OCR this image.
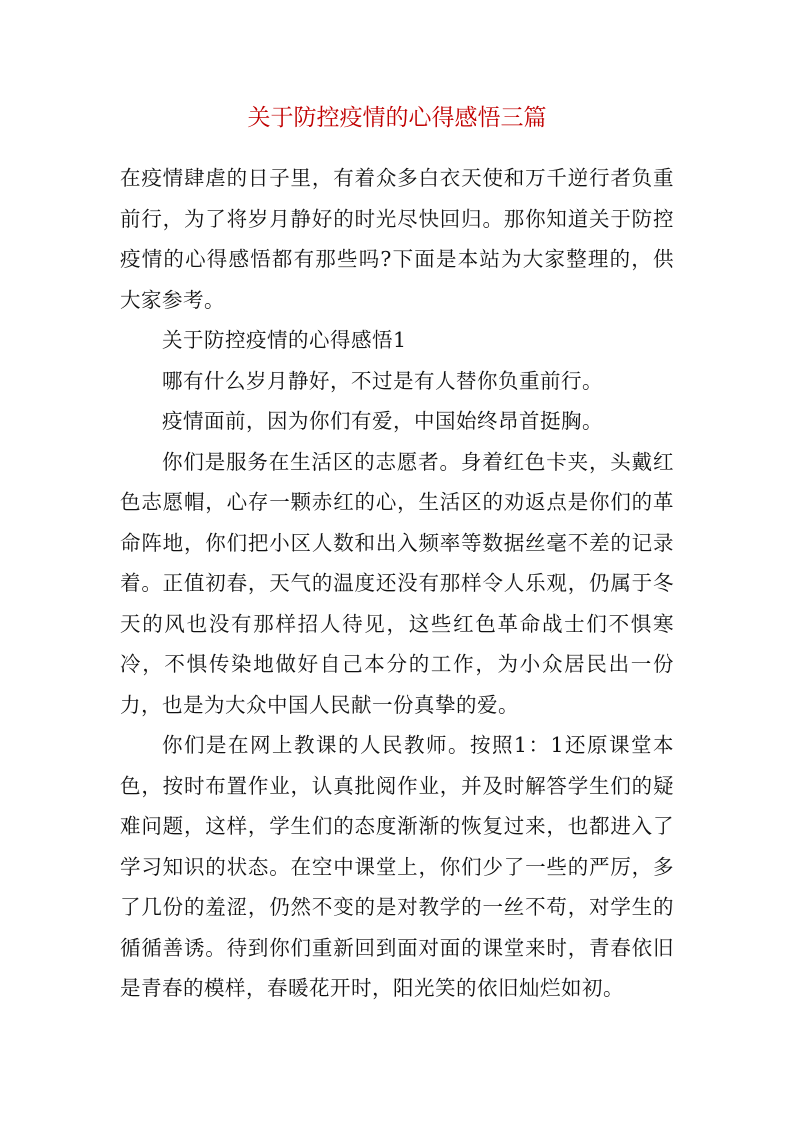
关于防控疫情的心得感悟三篇

在疫情肆虐的日子里，有着众多白衣天使和万千逆行者负重前行，为了将岁月静好的时光尽快回归。那你知道关于防控疫情的心得感悟都有那些吗?下面是本站为大家整理的，供大家参考。

关于防控疫情的心得感悟1

哪有什么岁月静好，不过是有人替你负重前行。

疫情面前，因为你们有爱，中国始终昂首挺胸。

你们是服务在生活区的志愿者。身着红色卡夹，头戴红色志愿帽，心存一颗赤红的心，生活区的劝返点是你们的革命阵地，你们把小区人数和出入频率等数据丝毫不差的记录着。正值初春，天气的温度还没有那样令人乐观，仍属于冬天的风也没有那样招人待见，这些红色革命战士们不惧寒冷，不惧传染地做好自己本分的工作，为小众居民出一份力，也是为大众中国人民献一份真挚的爱。

你们是在网上教课的人民教师。按照1：1还原课堂本色，按时布置作业，认真批阅作业，并及时解答学生们的疑难问题，这样，学生们的态度渐渐的恢复过来，也都进入了学习知识的状态。在空中课堂上，你们少了一些的严厉，多了几份的羞涩，仍然不变的是对教学的一丝不苟，对学生的循循善诱。待到你们重新回到面对面的课堂来时，青春依旧是青春的模样，春暖花开时，阳光笑的依旧灿烂如初。
